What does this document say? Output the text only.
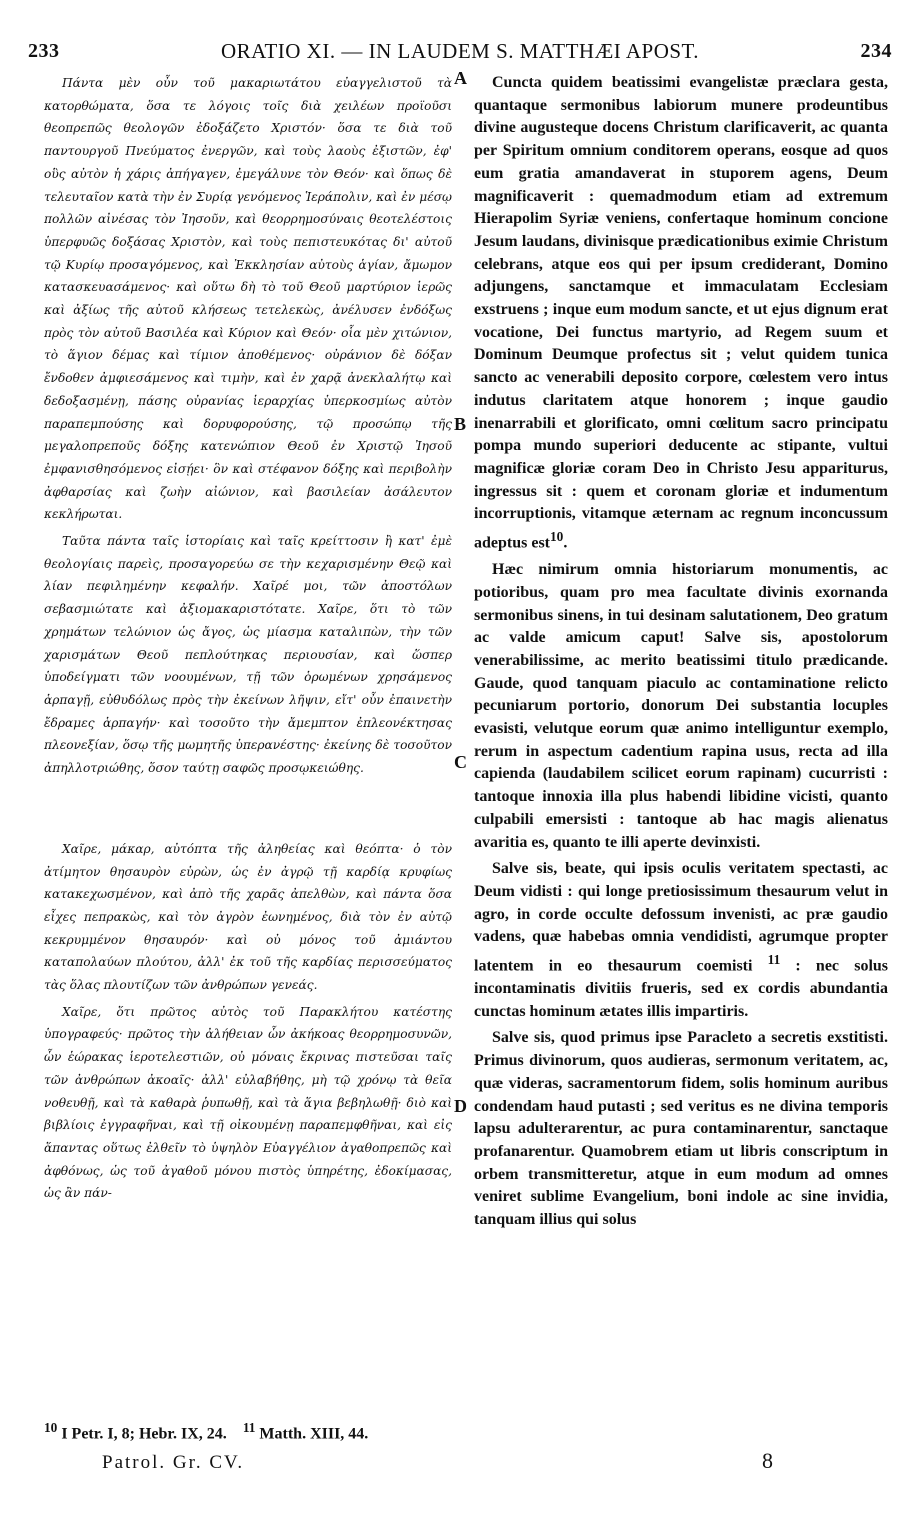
233	ORATIO XI. — IN LAUDEM S. MATTHÆI APOST.	234

Πάντα μὲν οὖν τοῦ μακαριωτάτου εὐαγγελιστοῦ τὰ κατορθώματα, ὅσα τε λόγοις τοῖς διὰ χειλέων προϊοῦσι θεοπρεπῶς θεολογῶν ἐδοξάζετο Χριστόν· ὅσα τε διὰ τοῦ παντουργοῦ Πνεύματος ἐνεργῶν, καὶ τοὺς λαοὺς ἐξιστῶν, ἐφ' οὓς αὐτὸν ἡ χάρις ἀπήγαγεν, ἐμεγάλυνε τὸν Θεόν· καὶ ὅπως δὲ τελευταῖον κατὰ τὴν ἐν Συρίᾳ γενόμενος Ἱεράπολιν, καὶ ἐν μέσῳ πολλῶν αἰνέσας τὸν Ἰησοῦν, καὶ θεορρημοσύναις θεοτελέστοις ὑπερφυῶς δοξάσας Χριστὸν, καὶ τοὺς πεπιστευκότας δι' αὐτοῦ τῷ Κυρίῳ προσαγόμενος, καὶ Ἐκκλησίαν αὐτοὺς ἁγίαν, ἄμωμον κατασκευασάμενος· καὶ οὕτω δὴ τὸ τοῦ Θεοῦ μαρτύριον ἱερῶς καὶ ἀξίως τῆς αὐτοῦ κλήσεως τετελεκὼς, ἀνέλυσεν ἐνδόξως πρὸς τὸν αὐτοῦ Βασιλέα καὶ Κύριον καὶ Θεόν· οἷα μὲν χιτώνιον, τὸ ἅγιον δέμας καὶ τίμιον ἀποθέμενος· οὐράνιον δὲ δόξαν ἔνδοθεν ἀμφιεσάμενος καὶ τιμὴν, καὶ ἐν χαρᾷ ἀνεκλαλήτῳ καὶ δεδοξασμένῃ, πάσης οὐρανίας ἱεραρχίας ὑπερκοσμίως αὐτὸν παραπεμπούσης καὶ δορυφορούσης, τῷ προσώπῳ τῆς μεγαλοπρεποῦς δόξης κατενώπιον Θεοῦ ἐν Χριστῷ Ἰησοῦ ἐμφανισθησόμενος εἰσῄει· ὃν καὶ στέφανον δόξης καὶ περιβολὴν ἀφθαρσίας καὶ ζωὴν αἰώνιον, καὶ βασιλείαν ἀσάλευτον κεκλήρωται.

Ταῦτα πάντα ταῖς ἱστορίαις καὶ ταῖς κρείττοσιν ἢ κατ' ἐμὲ θεολογίαις παρεὶς, προσαγορεύω σε τὴν κεχαρισμένην Θεῷ καὶ λίαν πεφιλημένην κεφαλήν. Χαῖρέ μοι, τῶν ἀποστόλων σεβασμιώτατε καὶ ἀξιομακαριστότατε. Χαῖρε, ὅτι τὸ τῶν χρημάτων τελώνιον ὡς ἄγος, ὡς μίασμα καταλιπὼν, τὴν τῶν χαρισμάτων Θεοῦ πεπλούτηκας περιουσίαν, καὶ ὥσπερ ὑποδείγματι τῶν νοουμένων, τῇ τῶν ὁρωμένων χρησάμενος ἁρπαγῇ, εὐθυδόλως πρὸς τὴν ἐκείνων λῆψιν, εἴτ' οὖν ἐπαινετὴν ἔδραμες ἁρπαγήν· καὶ τοσοῦτο τὴν ἄμεμπτον ἐπλεονέκτησας πλεονεξίαν, ὅσῳ τῆς μωμητῆς ὑπερανέστης· ἐκείνης δὲ τοσοῦτον ἀπηλλοτριώθης, ὅσον ταύτῃ σαφῶς προσῳκειώθης.

Χαῖρε, μάκαρ, αὐτόπτα τῆς ἀληθείας καὶ θεόπτα· ὁ τὸν ἀτίμητον θησαυρὸν εὑρὼν, ὡς ἐν ἀγρῷ τῇ καρδίᾳ κρυφίως κατακεχωσμένον, καὶ ἀπὸ τῆς χαρᾶς ἀπελθὼν, καὶ πάντα ὅσα εἶχες πεπρακὼς, καὶ τὸν ἀγρὸν ἐωνημένος, διὰ τὸν ἐν αὐτῷ κεκρυμμένον θησαυρόν· καὶ οὐ μόνος τοῦ ἀμιάντου καταπολαύων πλούτου, ἀλλ' ἐκ τοῦ τῆς καρδίας περισσεύματος τὰς ὅλας πλουτίζων τῶν ἀνθρώπων γενεάς.

Χαῖρε, ὅτι πρῶτος αὐτὸς τοῦ Παρακλήτου κατέστης ὑπογραφεύς· πρῶτος τὴν ἀλήθειαν ὧν ἀκήκοας θεορρημοσυνῶν, ὧν ἑώρακας ἱεροτελεστιῶν, οὐ μόναις ἔκρινας πιστεῦσαι ταῖς τῶν ἀνθρώπων ἀκοαῖς· ἀλλ' εὐλαβήθης, μὴ τῷ χρόνῳ τὰ θεῖα νοθευθῇ, καὶ τὰ καθαρὰ ῥυπωθῇ, καὶ τὰ ἅγια βεβηλωθῇ· διὸ καὶ βιβλίοις ἐγγραφῆναι, καὶ τῇ οἰκουμένῃ παραπεμφθῆναι, καὶ εἰς ἅπαντας οὕτως ἐλθεῖν τὸ ὑψηλὸν Εὐαγγέλιον ἀγαθοπρεπῶς καὶ ἀφθόνως, ὡς τοῦ ἀγαθοῦ μόνου πιστὸς ὑπηρέτης, ἐδοκίμασας, ὡς ἂν πάν-

A
B
C
D

Cuncta quidem beatissimi evangelistæ præclara gesta, quantaque sermonibus labiorum munere prodeuntibus divine augusteque docens Christum clarificaverit, ac quanta per Spiritum omnium conditorem operans, eosque ad quos eum gratia amandaverat in stuporem agens, Deum magnificaverit : quemadmodum etiam ad extremum Hierapolim Syriæ veniens, confertaque hominum concione Jesum laudans, divinisque prædicationibus eximie Christum celebrans, atque eos qui per ipsum crediderant, Domino adjungens, sanctamque et immaculatam Ecclesiam exstruens ; inque eum modum sancte, et ut ejus dignum erat vocatione, Dei functus martyrio, ad Regem suum et Dominum Deumque profectus sit ; velut quidem tunica sancto ac venerabili deposito corpore, cœlestem vero intus indutus claritatem atque honorem ; inque gaudio inenarrabili et glorificato, omni cœlitum sacro principatu pompa mundo superiori deducente ac stipante, vultui magnificæ gloriæ coram Deo in Christo Jesu appariturus, ingressus sit : quem et coronam gloriæ et indumentum incorruptionis, vitamque æternam ac regnum inconcussum adeptus est$^{10}$.

Hæc nimirum omnia historiarum monumentis, ac potioribus, quam pro mea facultate divinis exornanda sermonibus sinens, in tui desinam salutationem, Deo gratum ac valde amicum caput! Salve sis, apostolorum venerabilissime, ac merito beatissimi titulo prædicande. Gaude, quod tanquam piaculo ac contaminatione relicto pecuniarum portorio, donorum Dei substantia locuples evasisti, velutque eorum quæ animo intelliguntur exemplo, rerum in aspectum cadentium rapina usus, recta ad illa capienda (laudabilem scilicet eorum rapinam) cucurristi : tantoque innoxia illa plus habendi libidine vicisti, quanto culpabili emersisti : tantoque ab hac magis alienatus avaritia es, quanto te illi aperte devinxisti.

Salve sis, beate, qui ipsis oculis veritatem spectasti, ac Deum vidisti : qui longe pretiosissimum thesaurum velut in agro, in corde occulte defossum invenisti, ac præ gaudio vadens, quæ habebas omnia vendidisti, agrumque propter latentem in eo thesaurum coemisti $^{11}$ : nec solus incontaminatis divitiis frueris, sed ex cordis abundantia cunctas hominum ætates illis impartiris.

Salve sis, quod primus ipse Paracleto a secretis exstitisti. Primus divinorum, quos audieras, sermonum veritatem, ac, quæ videras, sacramentorum fidem, solis hominum auribus condendam haud putasti ; sed veritus es ne divina temporis lapsu adulterarentur, ac pura contaminarentur, sanctaque profanarentur. Quamobrem etiam ut libris conscriptum in orbem transmitteretur, atque in eum modum ad omnes veniret sublime Evangelium, boni indole ac sine invidia, tanquam illius qui solus

$^{10}$ I Petr. I, 8; Hebr. IX, 24. $^{11}$ Matth. XIII, 44.
Patrol. Gr. CV.	8
